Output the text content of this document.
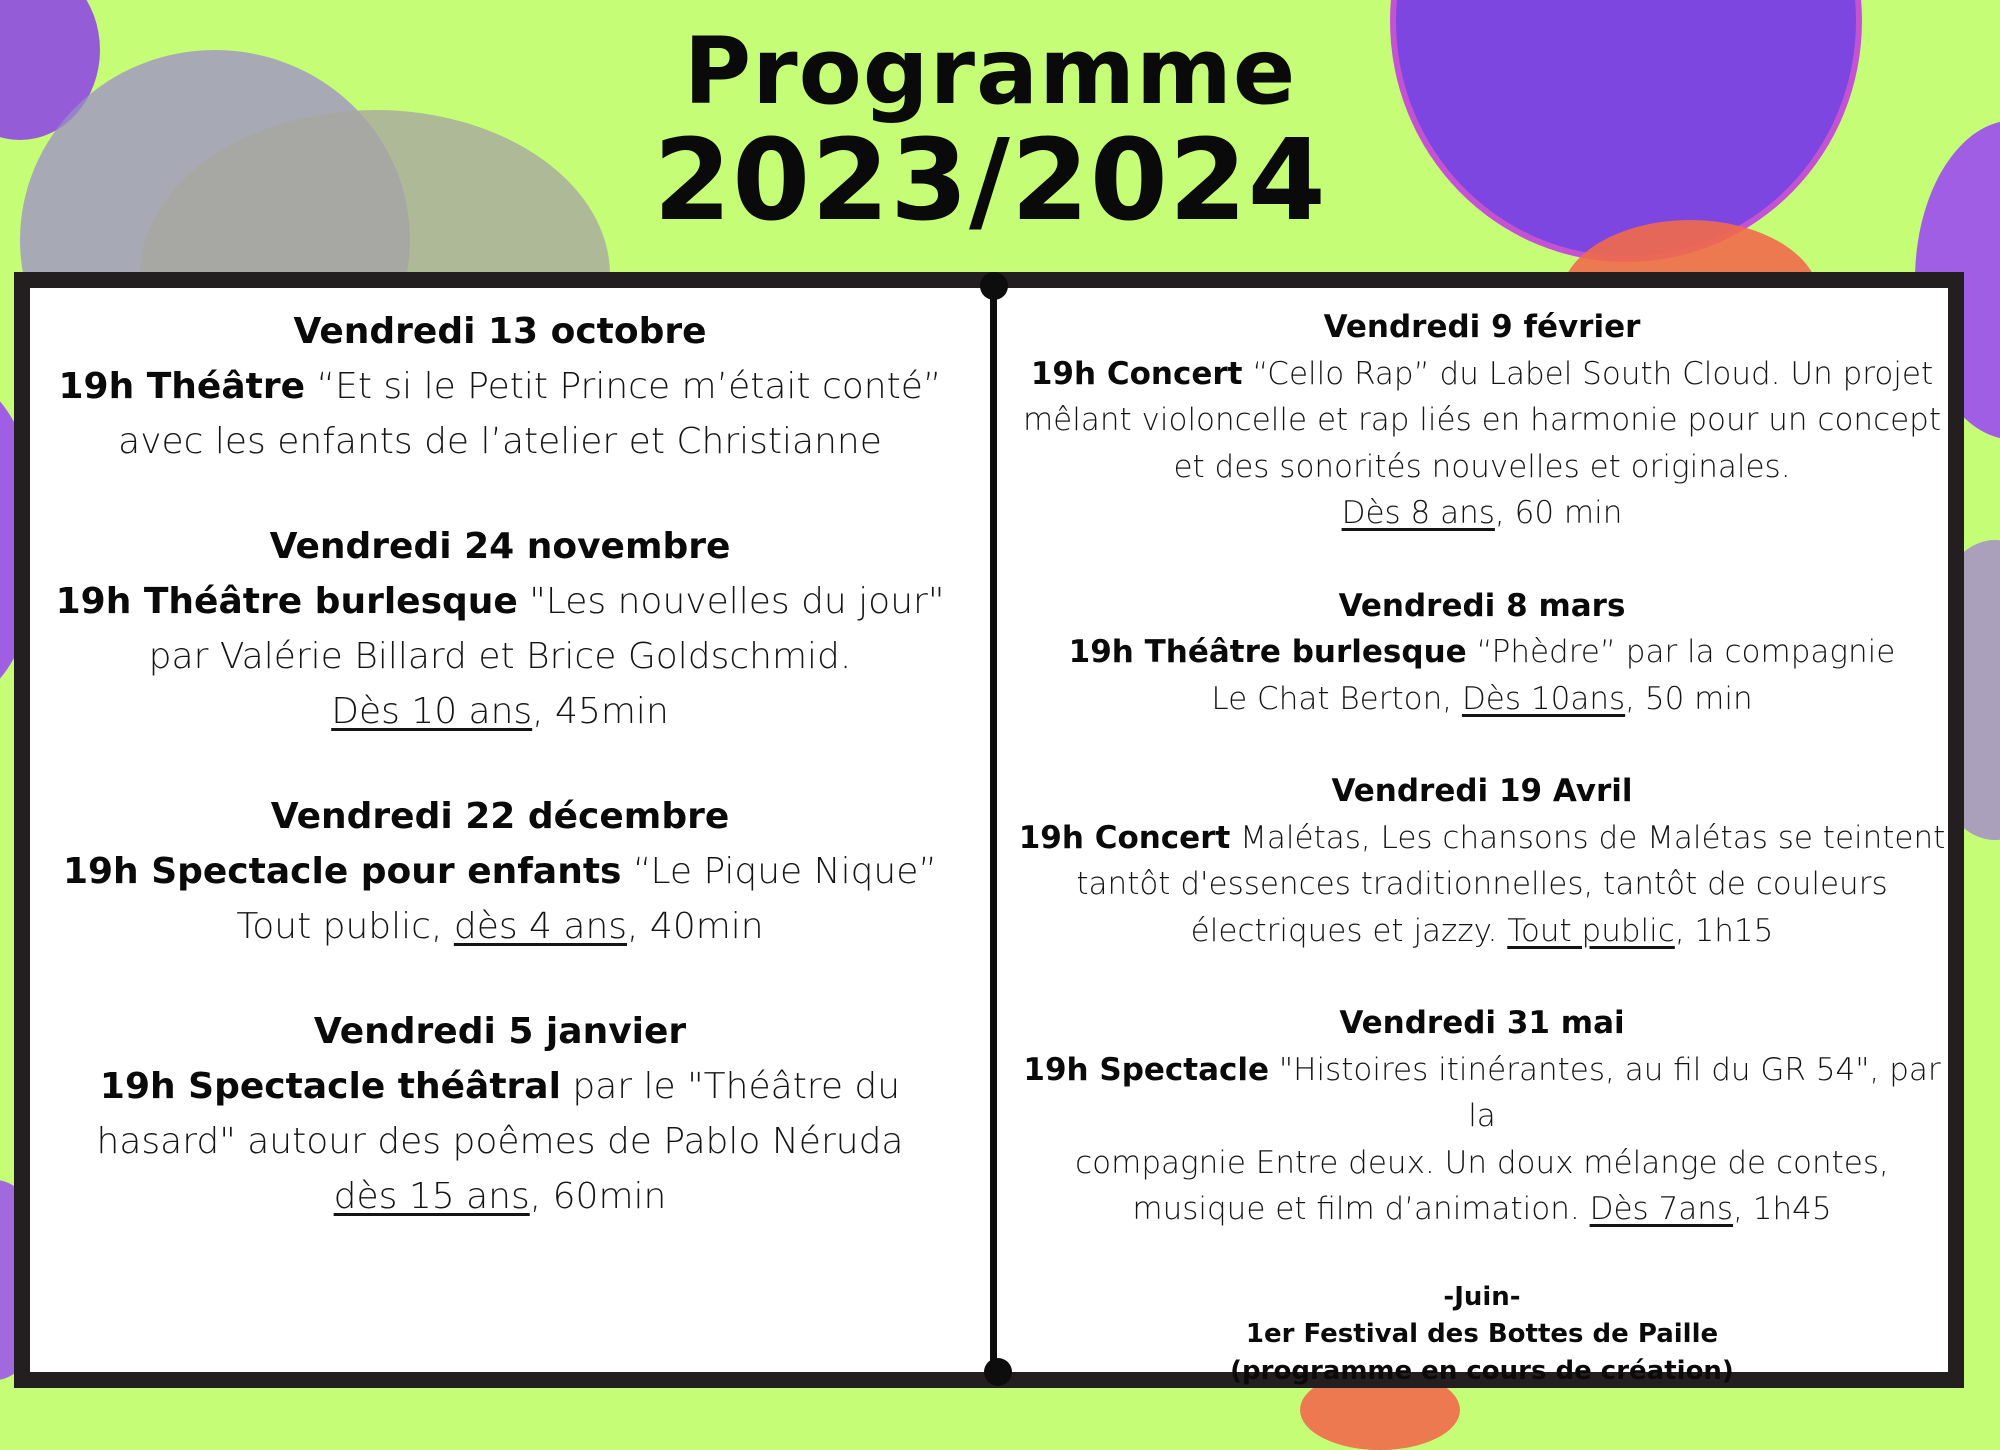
Programme
2023/2024

Vendredi 13 octobre

19h Théâtre “Et si le Petit Prince m’était conté”

avec les enfants de l’atelier et Christianne

Vendredi 24 novembre

19h Théâtre burlesque "Les nouvelles du jour"

par Valérie Billard et Brice Goldschmid.

Dès 10 ans, 45min

Vendredi 22 décembre

19h Spectacle pour enfants “Le Pique Nique”

Tout public, dès 4 ans, 40min

Vendredi 5 janvier

19h Spectacle théâtral par le "Théâtre du

hasard" autour des poêmes de Pablo Néruda

dès 15 ans, 60min

Vendredi 9 février

19h Concert “Cello Rap” du Label South Cloud. Un projet

mêlant violoncelle et rap liés en harmonie pour un concept

et des sonorités nouvelles et originales.

Dès 8 ans, 60 min

Vendredi 8 mars

19h Théâtre burlesque “Phèdre” par la compagnie

Le Chat Berton, Dès 10ans, 50 min

Vendredi 19 Avril

19h Concert Malétas, Les chansons de Malétas se teintent

tantôt d'essences traditionnelles, tantôt de couleurs

électriques et jazzy. Tout public, 1h15

Vendredi 31 mai

19h Spectacle "Histoires itinérantes, au fil du GR 54", par la

compagnie Entre deux. Un doux mélange de contes,

musique et film d’animation. Dès 7ans, 1h45

-Juin-

1er Festival des Bottes de Paille

(programme en cours de création)
